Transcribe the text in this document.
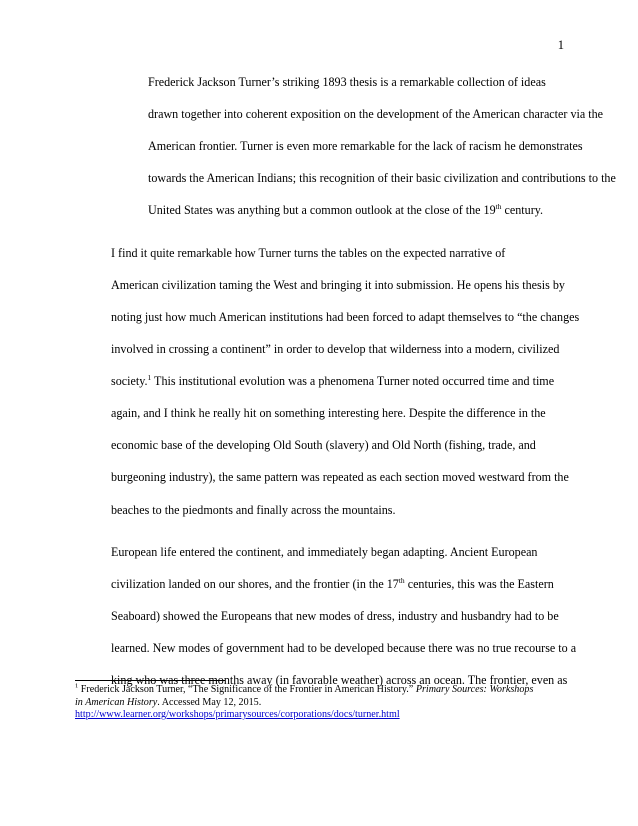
1

Frederick Jackson Turner’s striking 1893 thesis is a remarkable collection of ideas
drawn together into coherent exposition on the development of the American character via the
American frontier. Turner is even more remarkable for the lack of racism he demonstrates
towards the American Indians; this recognition of their basic civilization and contributions to the
United States was anything but a common outlook at the close of the 19th century.

I find it quite remarkable how Turner turns the tables on the expected narrative of
American civilization taming the West and bringing it into submission. He opens his thesis by
noting just how much American institutions had been forced to adapt themselves to “the changes
involved in crossing a continent” in order to develop that wilderness into a modern, civilized
society.$^1$ This institutional evolution was a phenomena Turner noted occurred time and time
again, and I think he really hit on something interesting here. Despite the difference in the
economic base of the developing Old South (slavery) and Old North (fishing, trade, and
burgeoning industry), the same pattern was repeated as each section moved westward from the
beaches to the piedmonts and finally across the mountains.

European life entered the continent, and immediately began adapting. Ancient European
civilization landed on our shores, and the frontier (in the 17th centuries, this was the Eastern
Seaboard) showed the Europeans that new modes of dress, industry and husbandry had to be
learned. New modes of government had to be developed because there was no true recourse to a
king who was three months away (in favorable weather) across an ocean. The frontier, even as

$^1$ Frederick Jackson Turner, “The Significance of the Frontier in American History.” Primary Sources: Workshops
in American History. Accessed May 12, 2015.
http://www.learner.org/workshops/primarysources/corporations/docs/turner.html
